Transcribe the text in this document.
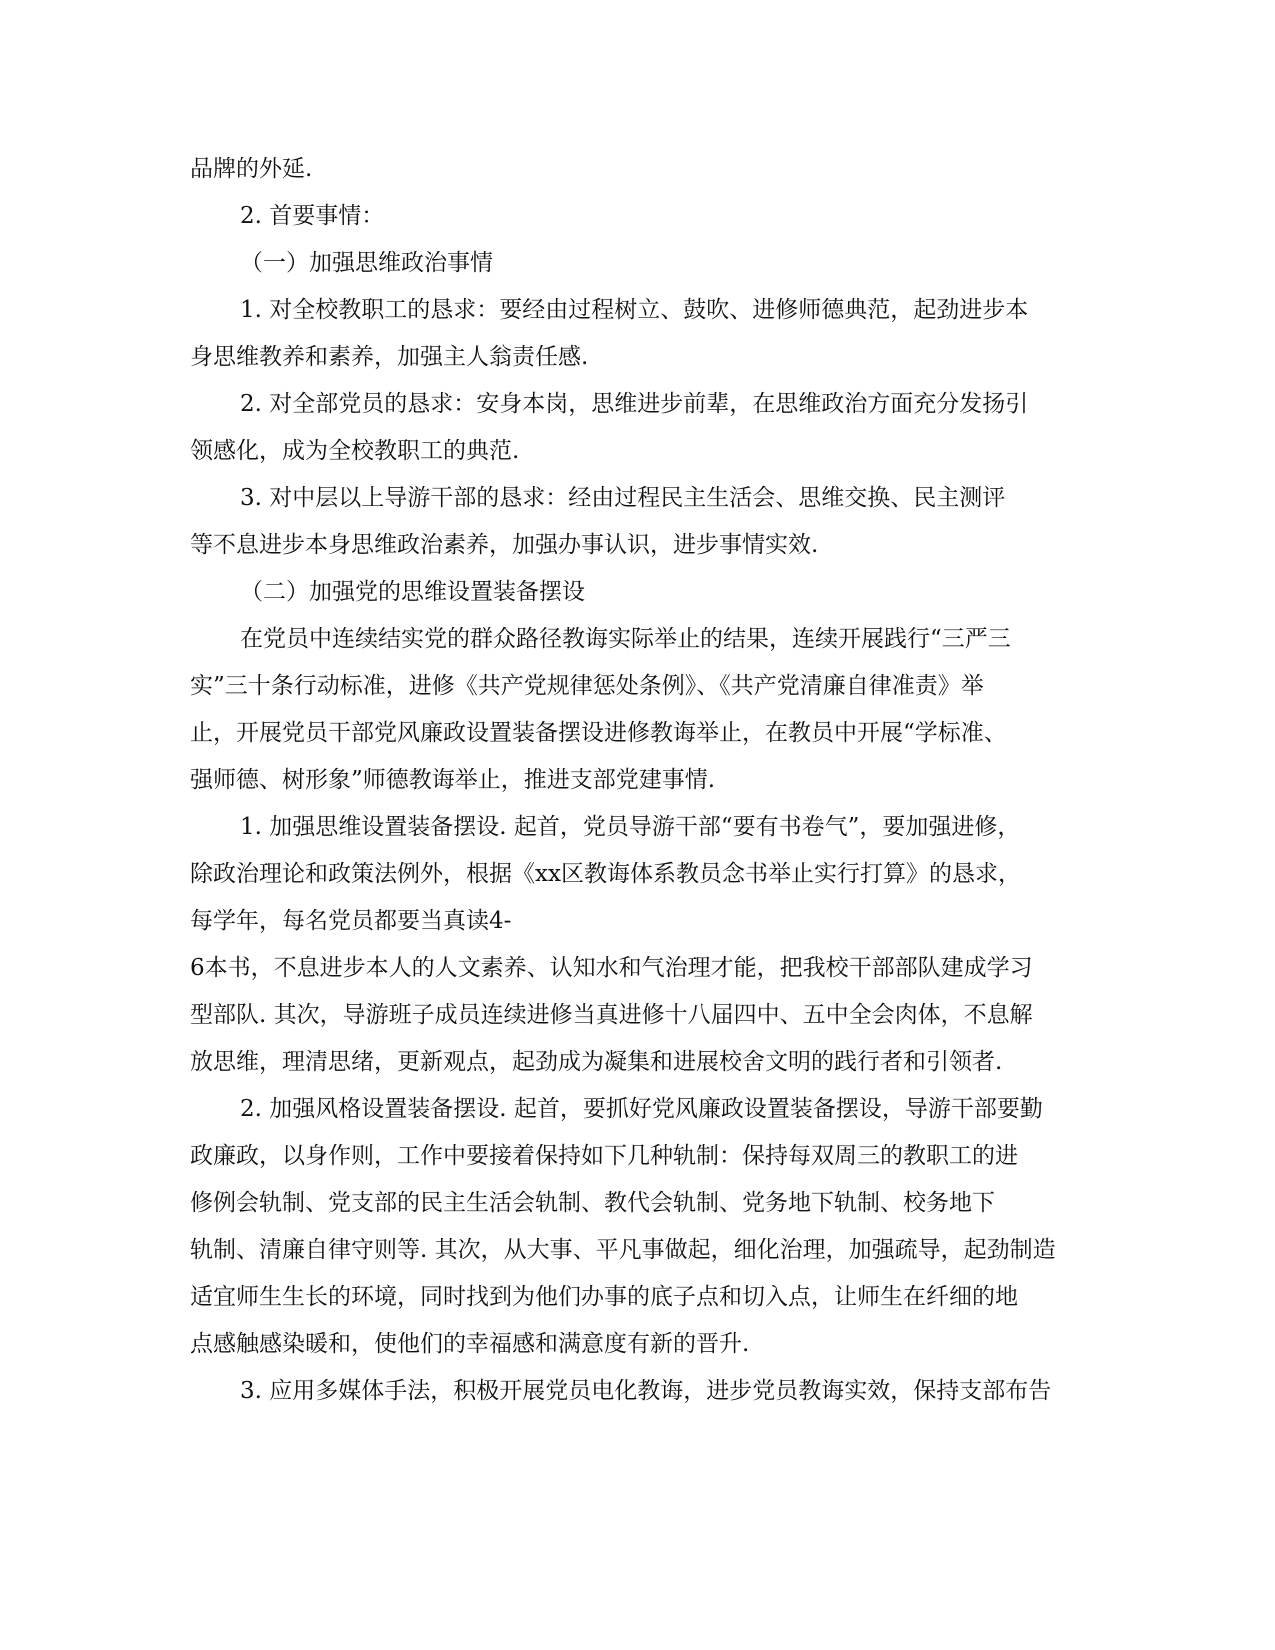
品牌的外延.
2. 首要事情：
（一）加强思维政治事情
1. 对全校教职工的恳求：要经由过程树立、鼓吹、进修师德典范，起劲进步本
身思维教养和素养，加强主人翁责任感.
2. 对全部党员的恳求：安身本岗，思维进步前辈，在思维政治方面充分发扬引
领感化，成为全校教职工的典范.
3. 对中层以上导游干部的恳求：经由过程民主生活会、思维交换、民主测评
等不息进步本身思维政治素养，加强办事认识，进步事情实效.
（二）加强党的思维设置装备摆设
在党员中连续结实党的群众路径教诲实际举止的结果，连续开展践行“三严三
实”三十条行动标准，进修《共产党规律惩处条例》、《共产党清廉自律准责》举
止，开展党员干部党风廉政设置装备摆设进修教诲举止，在教员中开展“学标准、
强师德、树形象”师德教诲举止，推进支部党建事情.
1. 加强思维设置装备摆设. 起首，党员导游干部“要有书卷气”，要加强进修，
除政治理论和政策法例外，根据《xx区教诲体系教员念书举止实行打算》的恳求，
每学年，每名党员都要当真读4-
6本书，不息进步本人的人文素养、认知水和气治理才能，把我校干部部队建成学习
型部队. 其次，导游班子成员连续进修当真进修十八届四中、五中全会肉体，不息解
放思维，理清思绪，更新观点，起劲成为凝集和进展校舍文明的践行者和引领者.
2. 加强风格设置装备摆设. 起首，要抓好党风廉政设置装备摆设，导游干部要勤
政廉政，以身作则，工作中要接着保持如下几种轨制：保持每双周三的教职工的进
修例会轨制、党支部的民主生活会轨制、教代会轨制、党务地下轨制、校务地下
轨制、清廉自律守则等. 其次，从大事、平凡事做起，细化治理，加强疏导，起劲制造
适宜师生生长的环境，同时找到为他们办事的底子点和切入点，让师生在纤细的地
点感触感染暖和，使他们的幸福感和满意度有新的晋升.
3. 应用多媒体手法，积极开展党员电化教诲，进步党员教诲实效，保持支部布告
